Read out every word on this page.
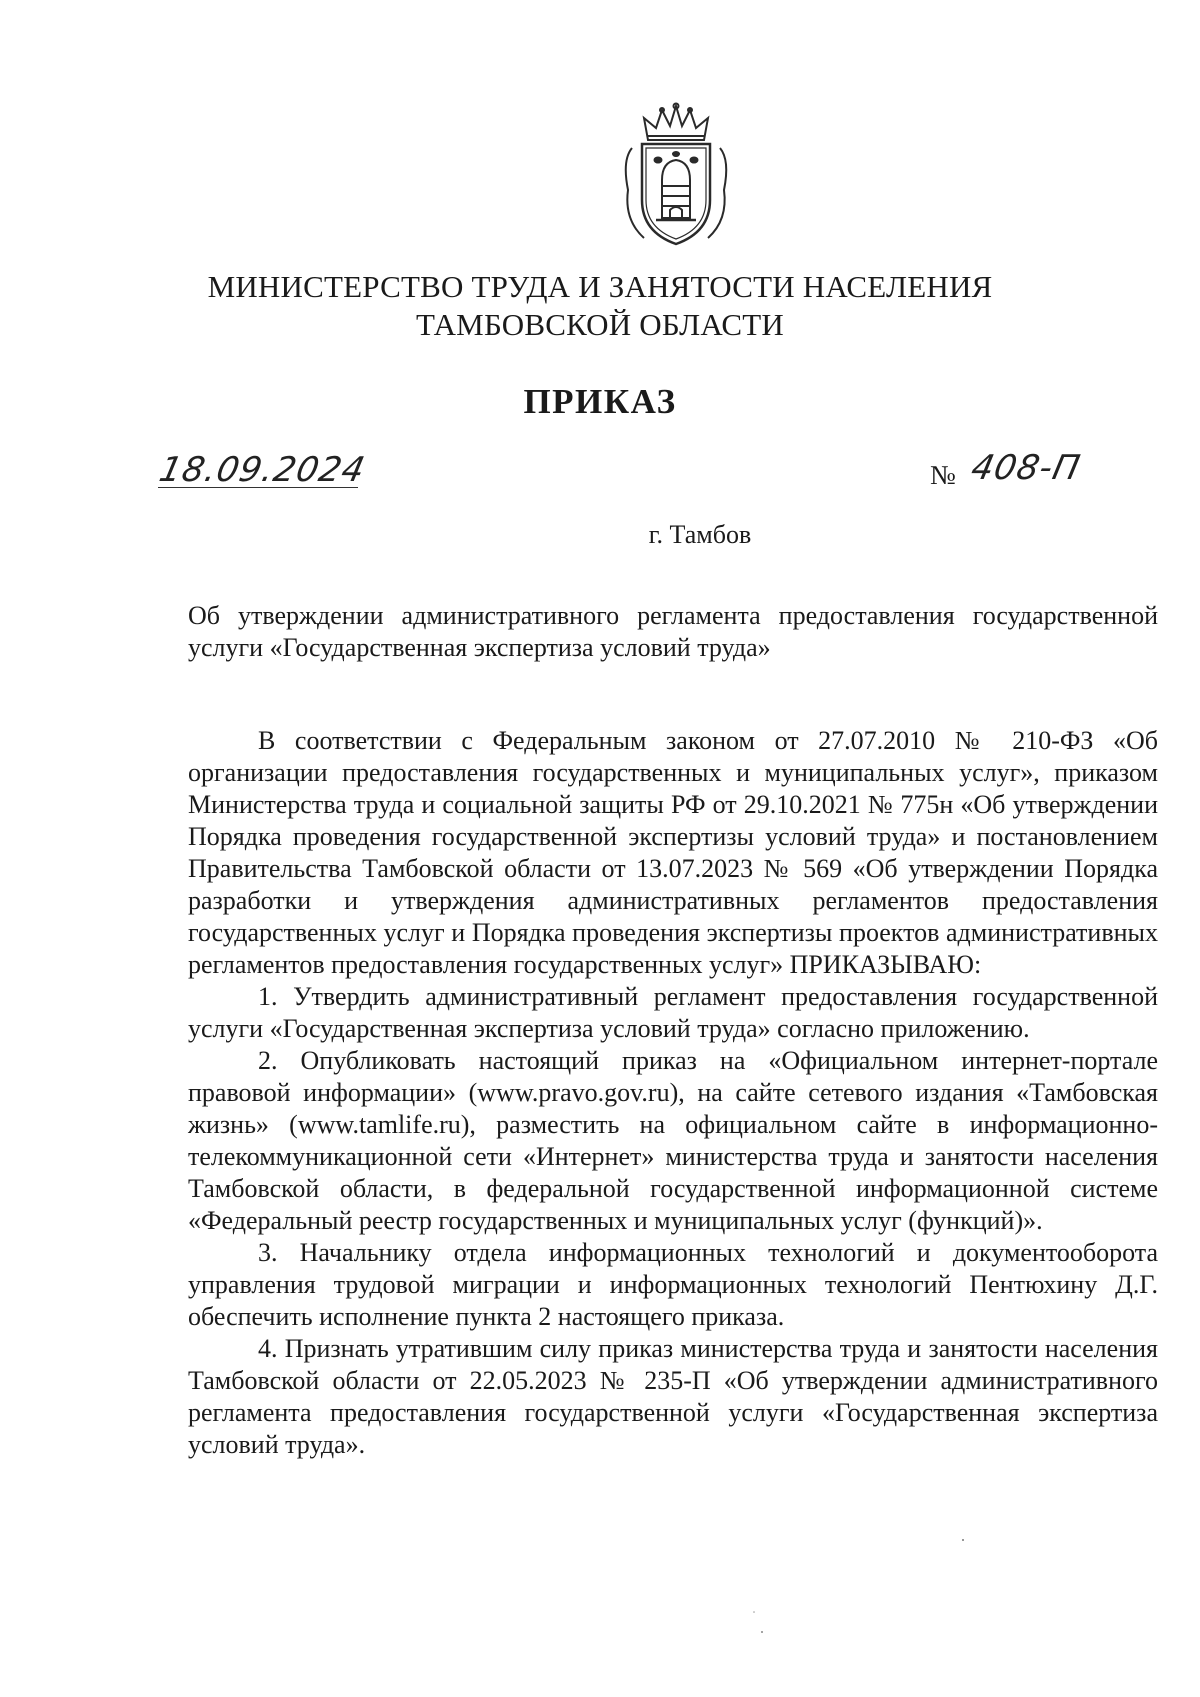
МИНИСТЕРСТВО ТРУДА И ЗАНЯТОСТИ НАСЕЛЕНИЯ
ТАМБОВСКОЙ ОБЛАСТИ
ПРИКАЗ
18.09.2024	№ 408-П
г. Тамбов
Об утверждении административного регламента предоставления государственной услуги «Государственная экспертиза условий труда»

В соответствии с Федеральным законом от 27.07.2010 № 210-ФЗ «Об организации предоставления государственных и муниципальных услуг», приказом Министерства труда и социальной защиты РФ от 29.10.2021 № 775н «Об утверждении Порядка проведения государственной экспертизы условий труда» и постановлением Правительства Тамбовской области от 13.07.2023 № 569 «Об утверждении Порядка разработки и утверждения административных регламентов предоставления государственных услуг и Порядка проведения экспертизы проектов административных регламентов предоставления государственных услуг» ПРИКАЗЫВАЮ:

1. Утвердить административный регламент предоставления государственной услуги «Государственная экспертиза условий труда» согласно приложению.

2. Опубликовать настоящий приказ на «Официальном интернет-портале правовой информации» (www.pravo.gov.ru), на сайте сетевого издания «Тамбовская жизнь» (www.tamlife.ru), разместить на официальном сайте в информационно-телекоммуникационной сети «Интернет» министерства труда и занятости населения Тамбовской области, в федеральной государственной информационной системе «Федеральный реестр государственных и муниципальных услуг (функций)».

3. Начальнику отдела информационных технологий и документооборота управления трудовой миграции и информационных технологий Пентюхину Д.Г. обеспечить исполнение пункта 2 настоящего приказа.

4. Признать утратившим силу приказ министерства труда и занятости населения Тамбовской области от 22.05.2023 № 235-П «Об утверждении административного регламента предоставления государственной услуги «Государственная экспертиза условий труда».
